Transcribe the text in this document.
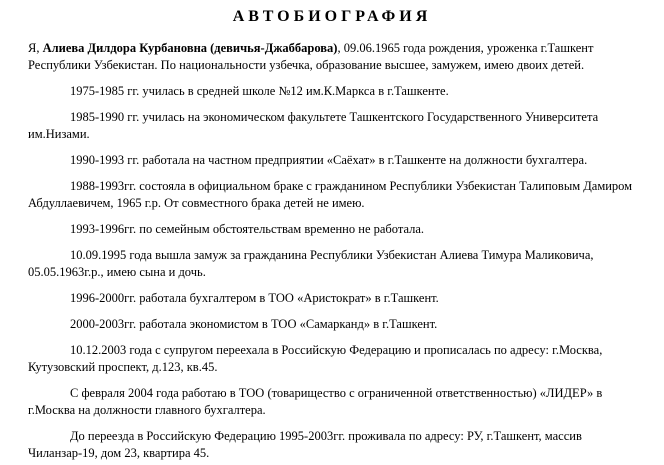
АВТОБИОГРАФИЯ

Я, Алиева Дилдора Курбановна (девичья-Джаббарова), 09.06.1965 года рождения, уроженка г.Ташкент Республики Узбекистан. По национальности узбечка, образование высшее, замужем, имею двоих детей.

1975-1985 гг. училась в средней школе №12 им.К.Маркса в г.Ташкенте.

1985-1990 гг. училась на экономическом факультете Ташкентского Государственного Университета им.Низами.

1990-1993 гг. работала на частном предприятии «Саёхат» в г.Ташкенте на должности бухгалтера.

1988-1993гг. состояла в официальном браке с гражданином Республики Узбекистан Талиповым Дамиром Абдуллаевичем, 1965 г.р. От совместного брака детей не имею.

1993-1996гг. по семейным обстоятельствам временно не работала.

10.09.1995 года вышла замуж за гражданина Республики Узбекистан Алиева Тимура Маликовича, 05.05.1963г.р., имею сына и дочь.

1996-2000гг. работала бухгалтером в ТОО «Аристократ» в г.Ташкент.

2000-2003гг. работала экономистом в ТОО «Самарканд» в г.Ташкент.

10.12.2003 года с супругом переехала в Российскую Федерацию и прописалась по адресу: г.Москва, Кутузовский проспект, д.123, кв.45.

С февраля 2004 года работаю в ТОО (товарищество с ограниченной ответственностью) «ЛИДЕР» в г.Москва на должности главного бухгалтера.

До переезда в Российскую Федерацию 1995-2003гг. проживала по адресу: РУ, г.Ташкент, массив Чиланзар-19, дом 23, квартира 45.
